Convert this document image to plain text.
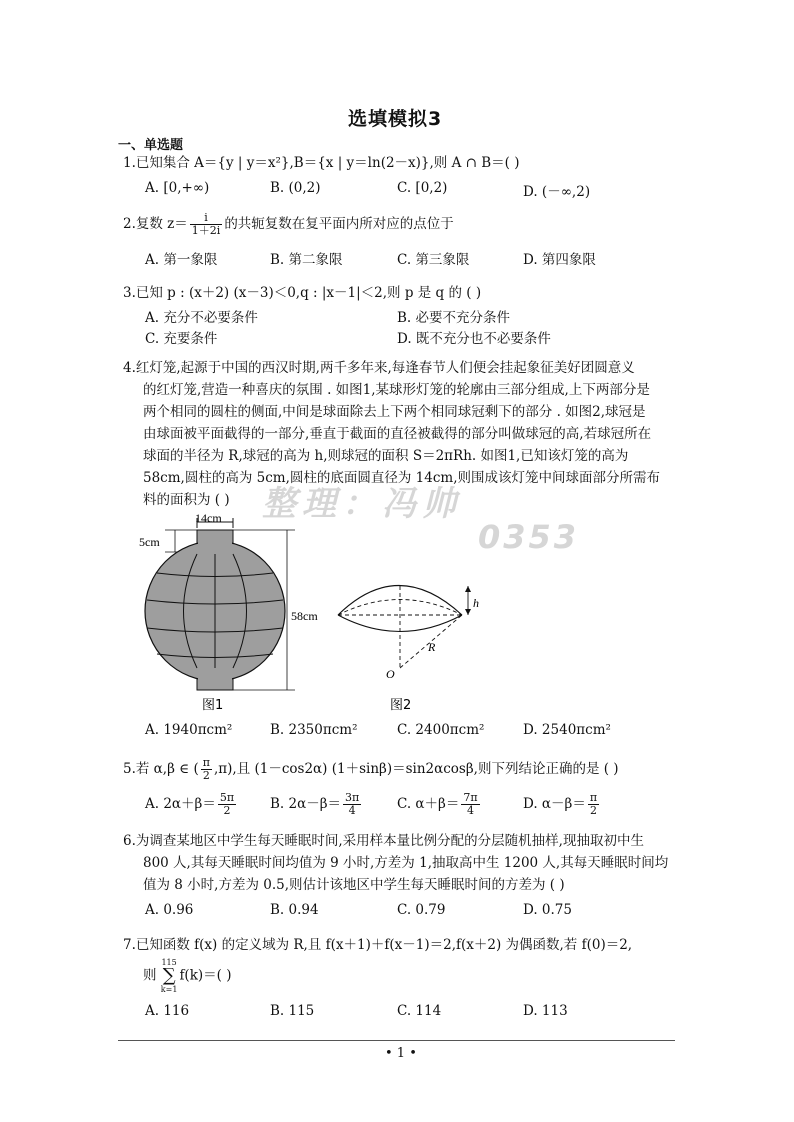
整理：冯帅
0353
选填模拟3
一、单选题
1.已知集合 A＝{y | y＝x²},B＝{x | y＝ln(2－x)},则 A ∩ B＝( )
A. [0,+∞)	B. (0,2)	C. [0,2)	D. (－∞,2)
2.复数 $z= \frac{i}{1+2i}$ 的共轭复数在复平面内所对应的点位于
A. 第一象限	B. 第二象限	C. 第三象限	D. 第四象限
3.已知 p : (x＋2) (x－3)＜0,q : |x－1|＜2,则 p 是 q 的 ( )
A. 充分不必要条件	B. 必要不充分条件
C. 充要条件	D. 既不充分也不必要条件
4.红灯笼,起源于中国的西汉时期,两千多年来,每逢春节人们便会挂起象征美好团圆意义
的红灯笼,营造一种喜庆的氛围 . 如图1,某球形灯笼的轮廓由三部分组成,上下两部分是
两个相同的圆柱的侧面,中间是球面除去上下两个相同球冠剩下的部分 . 如图2,球冠是
由球面被平面截得的一部分,垂直于截面的直径被截得的部分叫做球冠的高,若球冠所在
球面的半径为 R,球冠的高为 h,则球冠的面积 S＝2πRh. 如图1,已知该灯笼的高为
58cm,圆柱的高为 5cm,圆柱的底面圆直径为 14cm,则围成该灯笼中间球面部分所需布
料的面积为 ( )
14cm
5cm
58cm
图1
h
R
O
图2
A. 1940πcm²	B. 2350πcm²	C. 2400πcm²	D. 2540πcm²
5.若 α,β ∈ ( $\frac{\pi}{2} ,\pi$),且 (1－cos2α) (1＋sinβ)＝sin2αcosβ,则下列结论正确的是 ( )
A. $2\alpha+\beta= \frac{5\pi}{2}$	B. $2\alpha-\beta= \frac{3\pi}{4}$	C. $\alpha+\beta= \frac{7\pi}{4}$	D. $\alpha-\beta= \frac{\pi}{2}$
6.为调查某地区中学生每天睡眠时间,采用样本量比例分配的分层随机抽样,现抽取初中生
800 人,其每天睡眠时间均值为 9 小时,方差为 1,抽取高中生 1200 人,其每天睡眠时间均
值为 8 小时,方差为 0.5,则估计该地区中学生每天睡眠时间的方差为 ( )
A. 0.96	B. 0.94	C. 0.79	D. 0.75
7.已知函数 f(x) 的定义域为 R,且 f(x＋1)＋f(x－1)＝2,f(x＋2) 为偶函数,若 f(0)＝2,
则 115
∑
k=1f(k)＝( )
A. 116	B. 115	C. 114	D. 113
• 1 •
